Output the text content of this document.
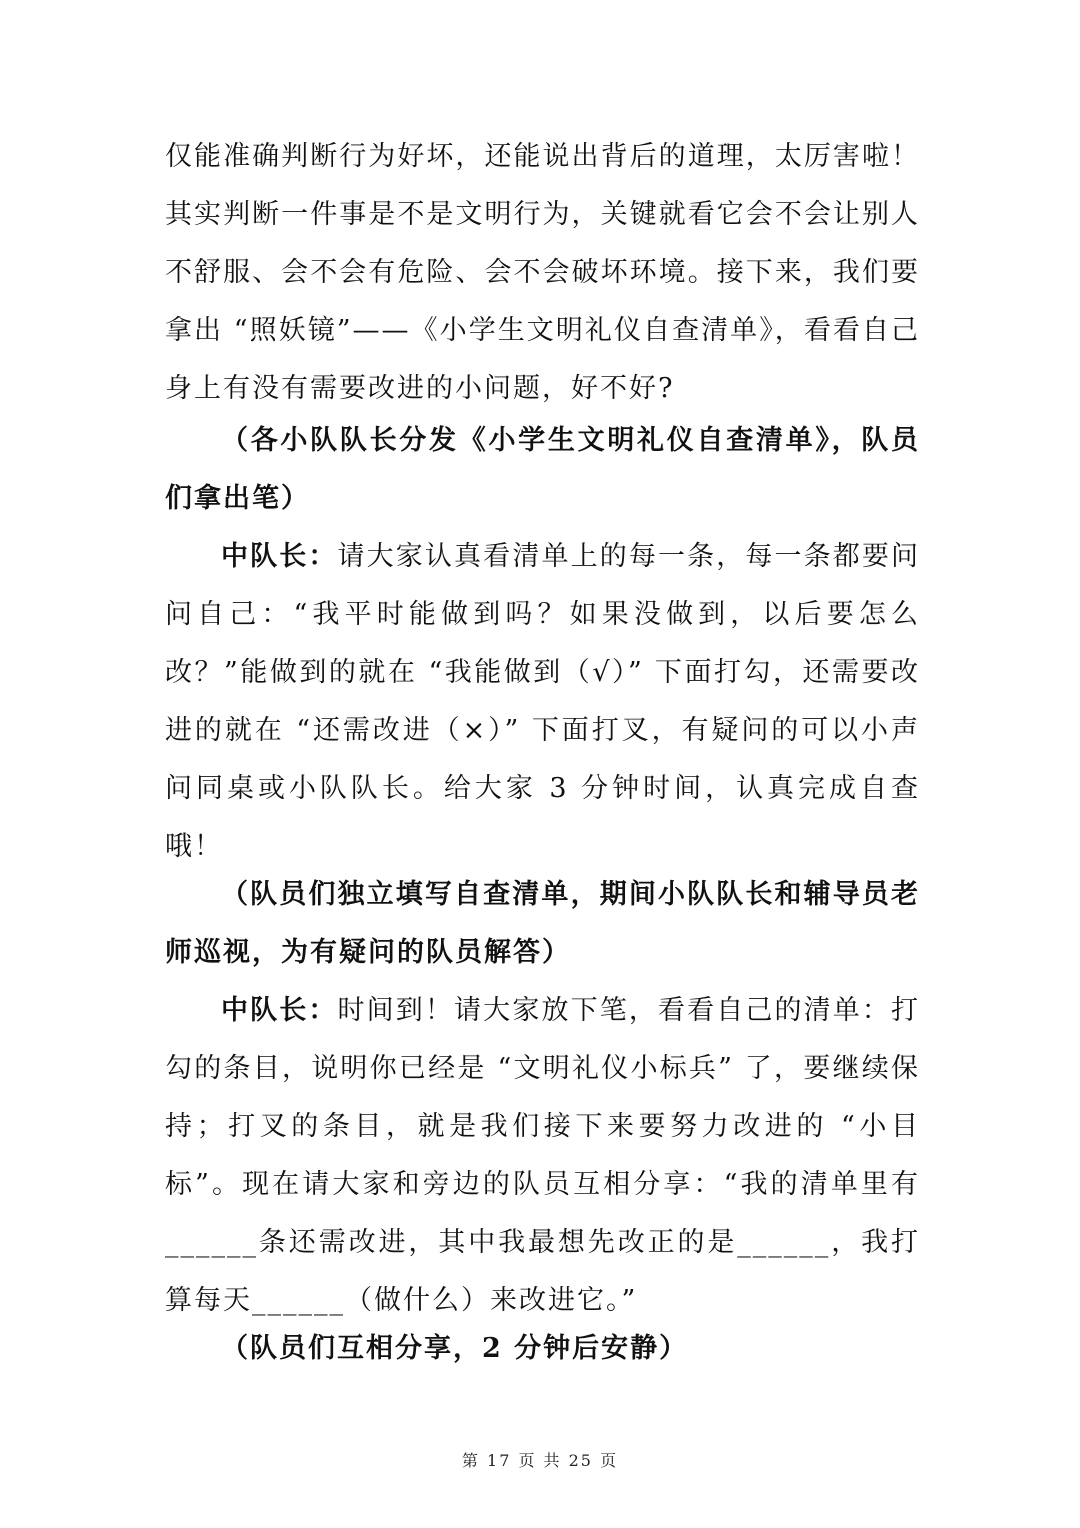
仅能准确判断行为好坏，还能说出背后的道理，太厉害啦！其实判断一件事是不是文明行为，关键就看它会不会让别人不舒服、会不会有危险、会不会破坏环境。接下来，我们要拿出 “照妖镜”——《小学生文明礼仪自查清单》，看看自己身上有没有需要改进的小问题，好不好?

（各小队队长分发《小学生文明礼仪自查清单》，队员们拿出笔）

中队长：请大家认真看清单上的每一条，每一条都要问问自己：“我平时能做到吗？如果没做到，以后要怎么改？”能做到的就在 “我能做到（√）” 下面打勾，还需要改进的就在 “还需改进（×）” 下面打叉，有疑问的可以小声问同桌或小队队长。给大家 3 分钟时间，认真完成自查哦！

（队员们独立填写自查清单，期间小队队长和辅导员老师巡视，为有疑问的队员解答）

中队长：时间到！请大家放下笔，看看自己的清单：打勾的条目，说明你已经是 “文明礼仪小标兵” 了，要继续保持；打叉的条目，就是我们接下来要努力改进的 “小目标”。现在请大家和旁边的队员互相分享：“我的清单里有______条还需改进，其中我最想先改正的是______，我打算每天______（做什么）来改进它。”

（队员们互相分享，2 分钟后安静）

第 17 页 共 25 页
